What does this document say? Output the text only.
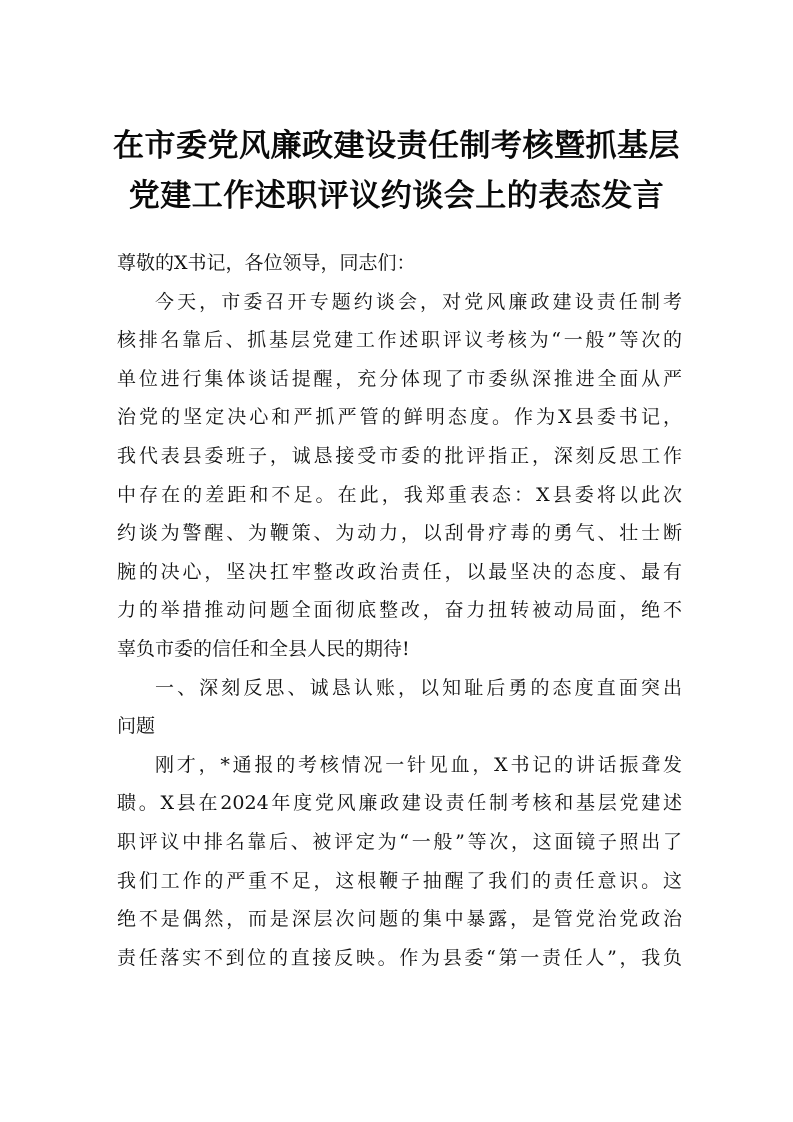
在市委党风廉政建设责任制考核暨抓基层
党建工作述职评议约谈会上的表态发言
尊敬的X书记，各位领导，同志们：
今天，市委召开专题约谈会，对党风廉政建设责任制考
核排名靠后、抓基层党建工作述职评议考核为“一般”等次的
单位进行集体谈话提醒，充分体现了市委纵深推进全面从严
治党的坚定决心和严抓严管的鲜明态度。作为X县委书记，
我代表县委班子，诚恳接受市委的批评指正，深刻反思工作
中存在的差距和不足。在此，我郑重表态：X县委将以此次
约谈为警醒、为鞭策、为动力，以刮骨疗毒的勇气、壮士断
腕的决心，坚决扛牢整改政治责任，以最坚决的态度、最有
力的举措推动问题全面彻底整改，奋力扭转被动局面，绝不
辜负市委的信任和全县人民的期待!
一、深刻反思、诚恳认账，以知耻后勇的态度直面突出
问题
刚才，*通报的考核情况一针见血，X书记的讲话振聋发
聩。X县在2024年度党风廉政建设责任制考核和基层党建述
职评议中排名靠后、被评定为“一般”等次，这面镜子照出了
我们工作的严重不足，这根鞭子抽醒了我们的责任意识。这
绝不是偶然，而是深层次问题的集中暴露，是管党治党政治
责任落实不到位的直接反映。作为县委“第一责任人”，我负
